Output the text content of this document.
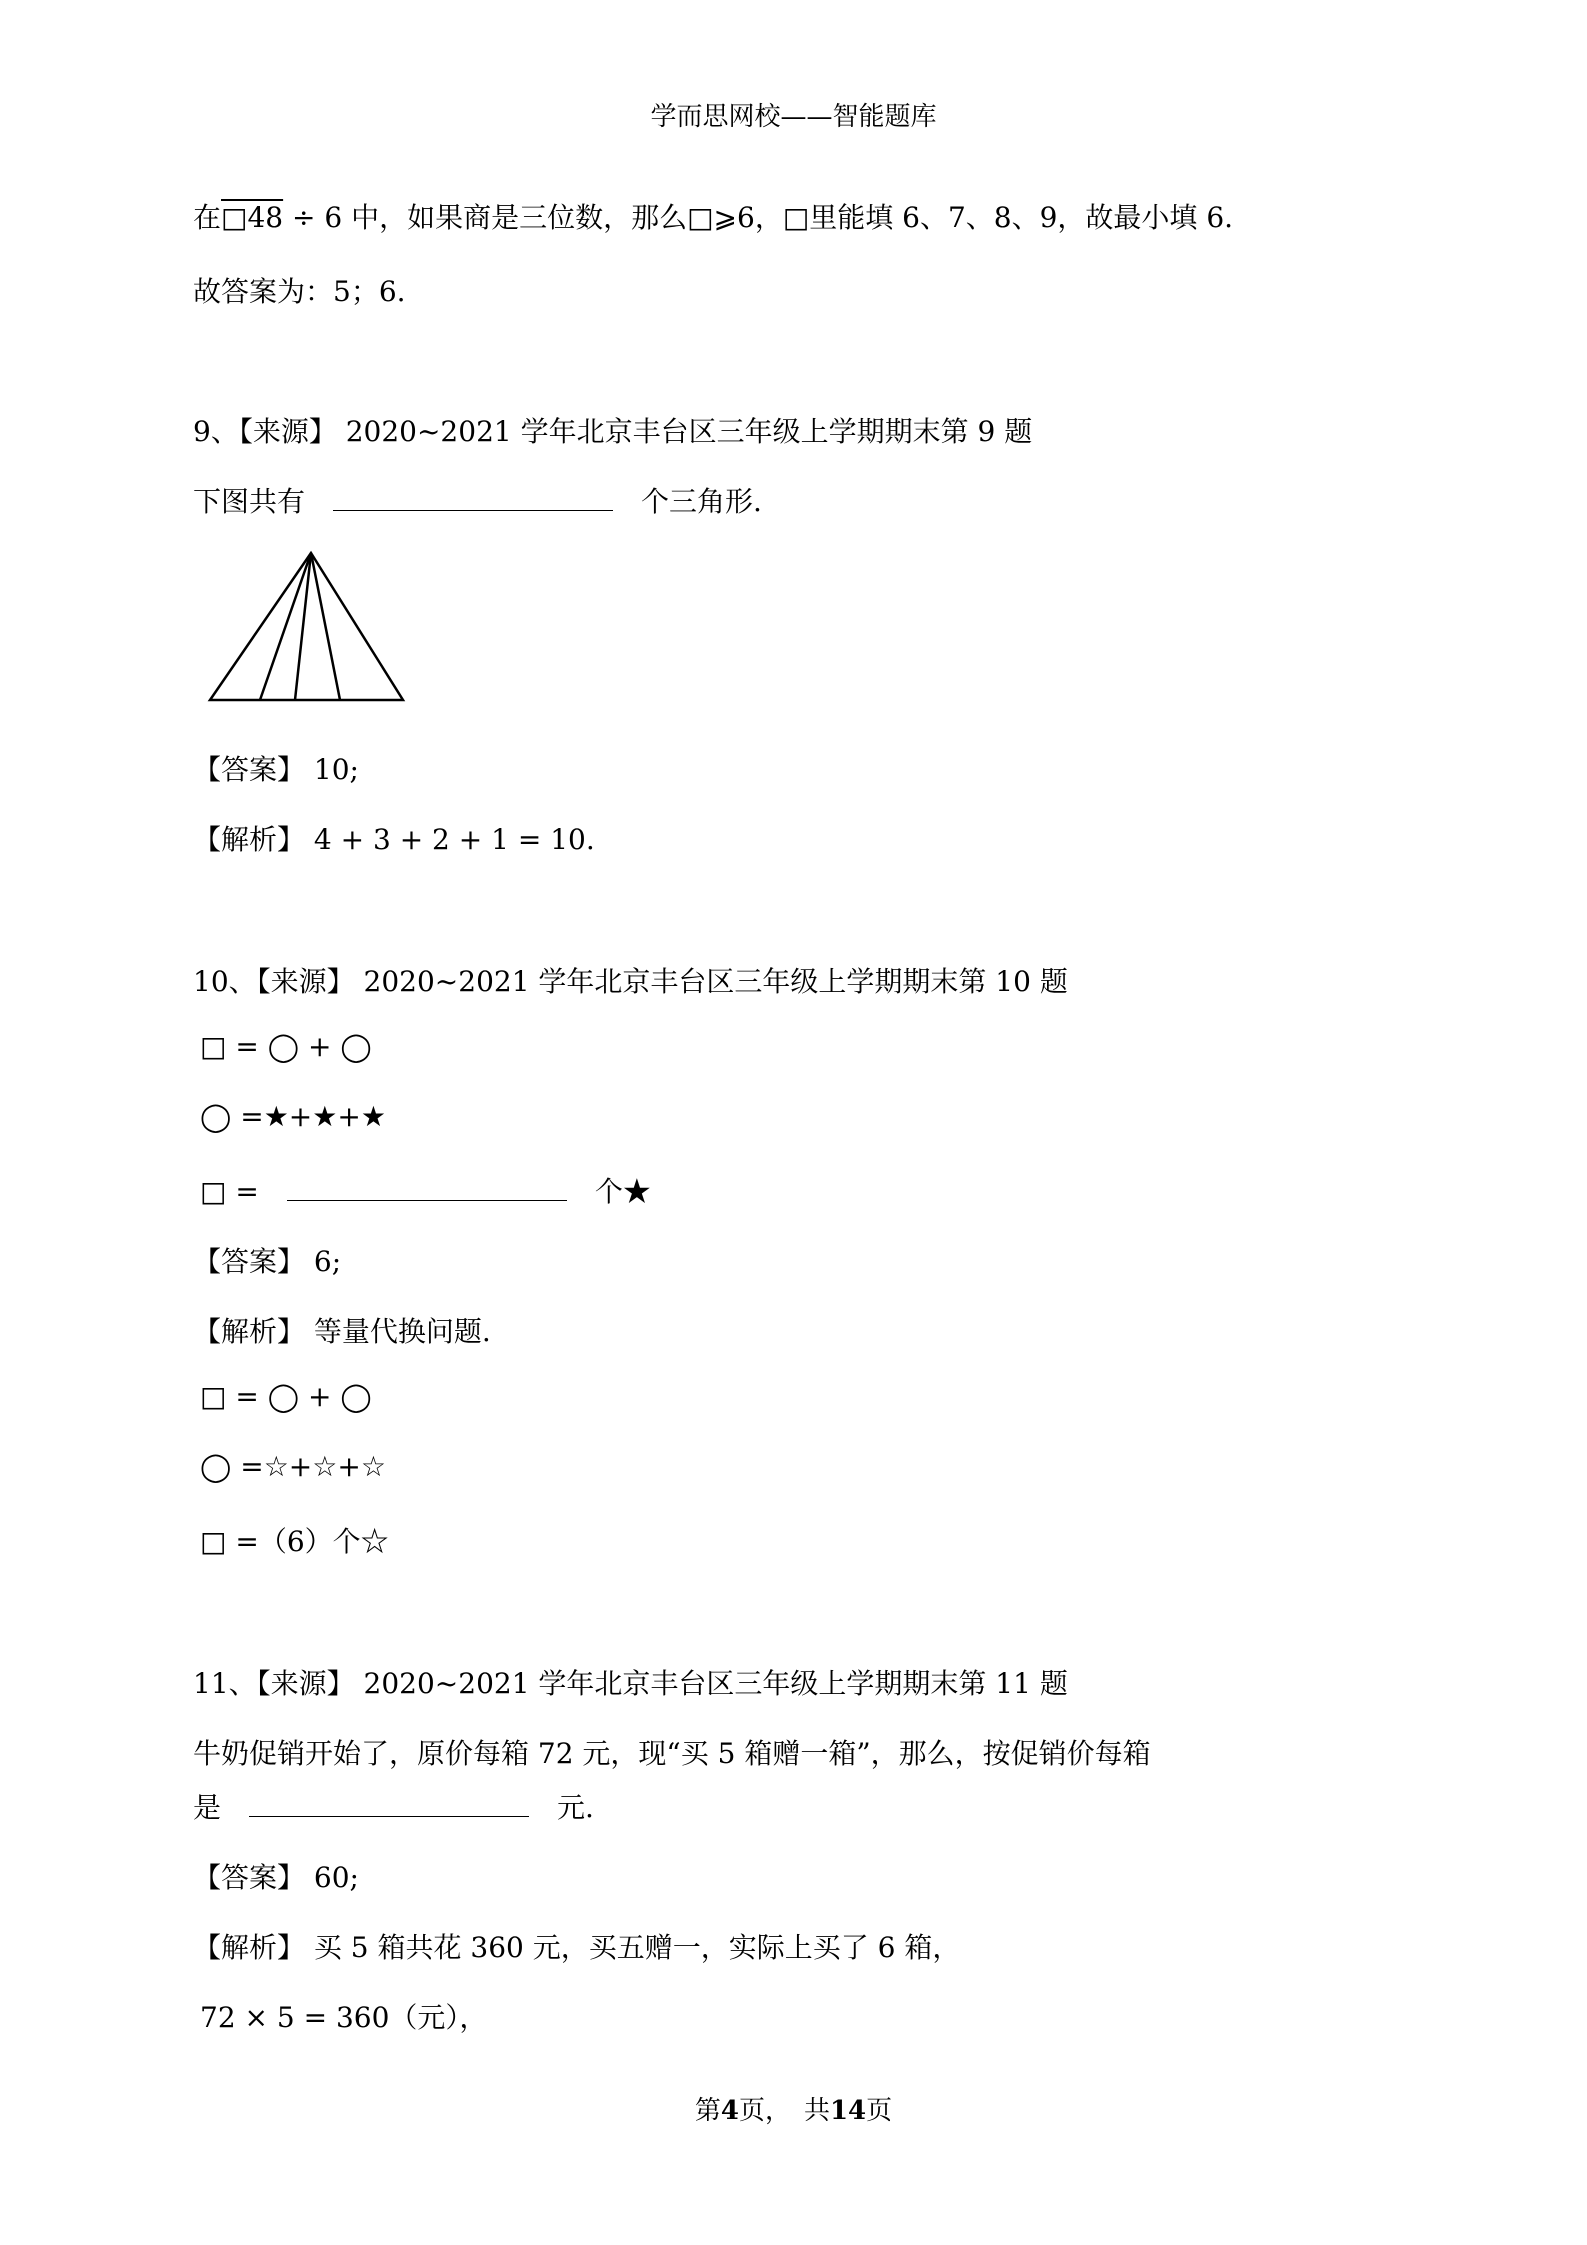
学而思网校——智能题库
在□48 ÷ 6 中，如果商是三位数，那么□⩾6，□里能填 6、7、8、9，故最小填 6.
故答案为：5；6.
9、【来源】 2020~2021 学年北京丰台区三年级上学期期末第 9 题
下图共有	个三角形.
【答案】 10;
【解析】 4 + 3 + 2 + 1 = 10.
10、【来源】 2020~2021 学年北京丰台区三年级上学期期末第 10 题
□ = ◯ + ◯
◯ =★+★+★
□ =	个★
【答案】 6;
【解析】 等量代换问题.
□ = ◯ + ◯
◯ =☆+☆+☆
□ =（6）个☆
11、【来源】 2020~2021 学年北京丰台区三年级上学期期末第 11 题
牛奶促销开始了，原价每箱 72 元，现“买 5 箱赠一箱”，那么，按促销价每箱
是	元.
【答案】 60;
【解析】 买 5 箱共花 360 元，买五赠一，实际上买了 6 箱，
72 × 5 = 360（元），
第4页，　共14页
